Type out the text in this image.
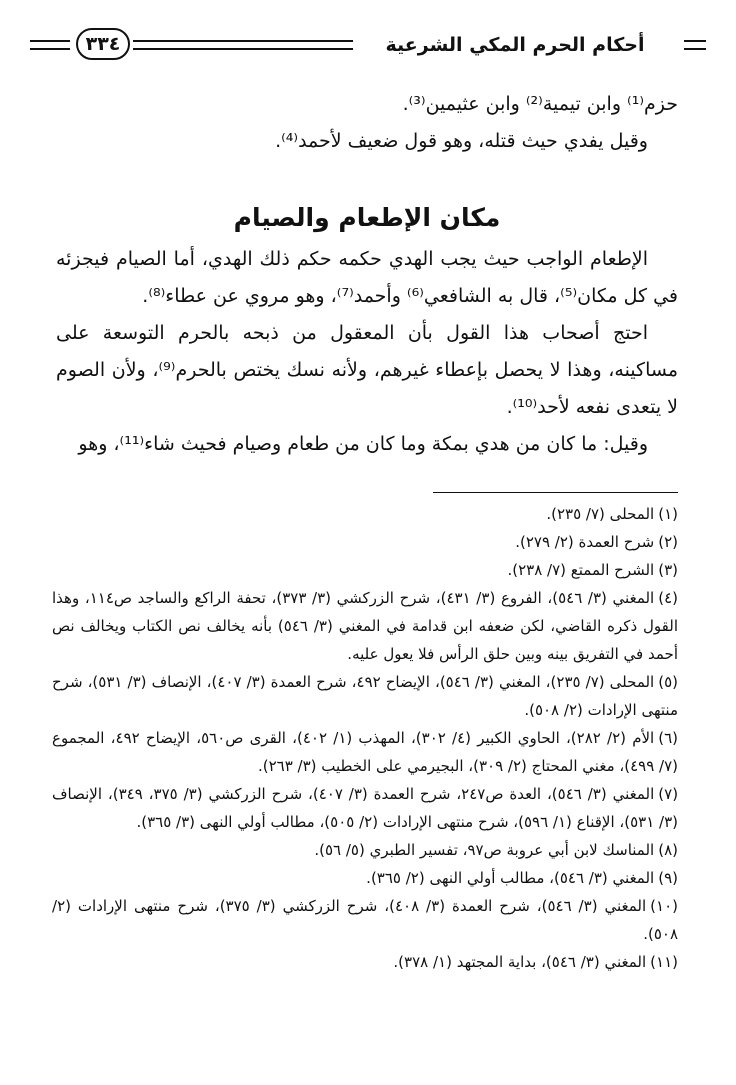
أحكام الحرم المكي الشرعية
٣٣٤

حزم⁽¹⁾ وابن تيمية⁽²⁾ وابن عثيمين⁽³⁾.

وقيل يفدي حيث قتله، وهو قول ضعيف لأحمد⁽⁴⁾.

مكان الإطعام والصيام

الإطعام الواجب حيث يجب الهدي حكمه حكم ذلك الهدي، أما الصيام فيجزئه في كل مكان⁽⁵⁾، قال به الشافعي⁽⁶⁾ وأحمد⁽⁷⁾، وهو مروي عن عطاء⁽⁸⁾.

احتج أصحاب هذا القول بأن المعقول من ذبحه بالحرم التوسعة على مساكينه، وهذا لا يحصل بإعطاء غيرهم، ولأنه نسك يختص بالحرم⁽⁹⁾، ولأن الصوم لا يتعدى نفعه لأحد⁽¹⁰⁾.

وقيل: ما كان من هدي بمكة وما كان من طعام وصيام فحيث شاء⁽¹¹⁾، وهو

(١)المحلى (٧/ ٢٣٥).

(٢)شرح العمدة (٢/ ٢٧٩).

(٣)الشرح الممتع (٧/ ٢٣٨).

(٤)المغني (٣/ ٥٤٦)، الفروع (٣/ ٤٣١)، شرح الزركشي (٣/ ٣٧٣)، تحفة الراكع والساجد ص١١٤، وهذا القول ذكره القاضي، لكن ضعفه ابن قدامة في المغني (٣/ ٥٤٦) بأنه يخالف نص الكتاب ويخالف نص أحمد في التفريق بينه وبين حلق الرأس فلا يعول عليه.

(٥)المحلى (٧/ ٢٣٥)، المغني (٣/ ٥٤٦)، الإيضاح ٤٩٢، شرح العمدة (٣/ ٤٠٧)، الإنصاف (٣/ ٥٣١)، شرح منتهى الإرادات (٢/ ٥٠٨).

(٦)الأم (٢/ ٢٨٢)، الحاوي الكبير (٤/ ٣٠٢)، المهذب (١/ ٤٠٢)، القرى ص٥٦٠، الإيضاح ٤٩٢، المجموع (٧/ ٤٩٩)، مغني المحتاج (٢/ ٣٠٩)، البجيرمي على الخطيب (٣/ ٢٦٣).

(٧)المغني (٣/ ٥٤٦)، العدة ص٢٤٧، شرح العمدة (٣/ ٤٠٧)، شرح الزركشي (٣/ ٣٧٥، ٣٤٩)، الإنصاف (٣/ ٥٣١)، الإقناع (١/ ٥٩٦)، شرح منتهى الإرادات (٢/ ٥٠٥)، مطالب أولي النهى (٣/ ٣٦٥).

(٨)المناسك لابن أبي عروبة ص٩٧، تفسير الطبري (٥/ ٥٦).

(٩)المغني (٣/ ٥٤٦)، مطالب أولي النهى (٢/ ٣٦٥).

(١٠)المغني (٣/ ٥٤٦)، شرح العمدة (٣/ ٤٠٨)، شرح الزركشي (٣/ ٣٧٥)، شرح منتهى الإرادات (٢/ ٥٠٨).

(١١)المغني (٣/ ٥٤٦)، بداية المجتهد (١/ ٣٧٨).
